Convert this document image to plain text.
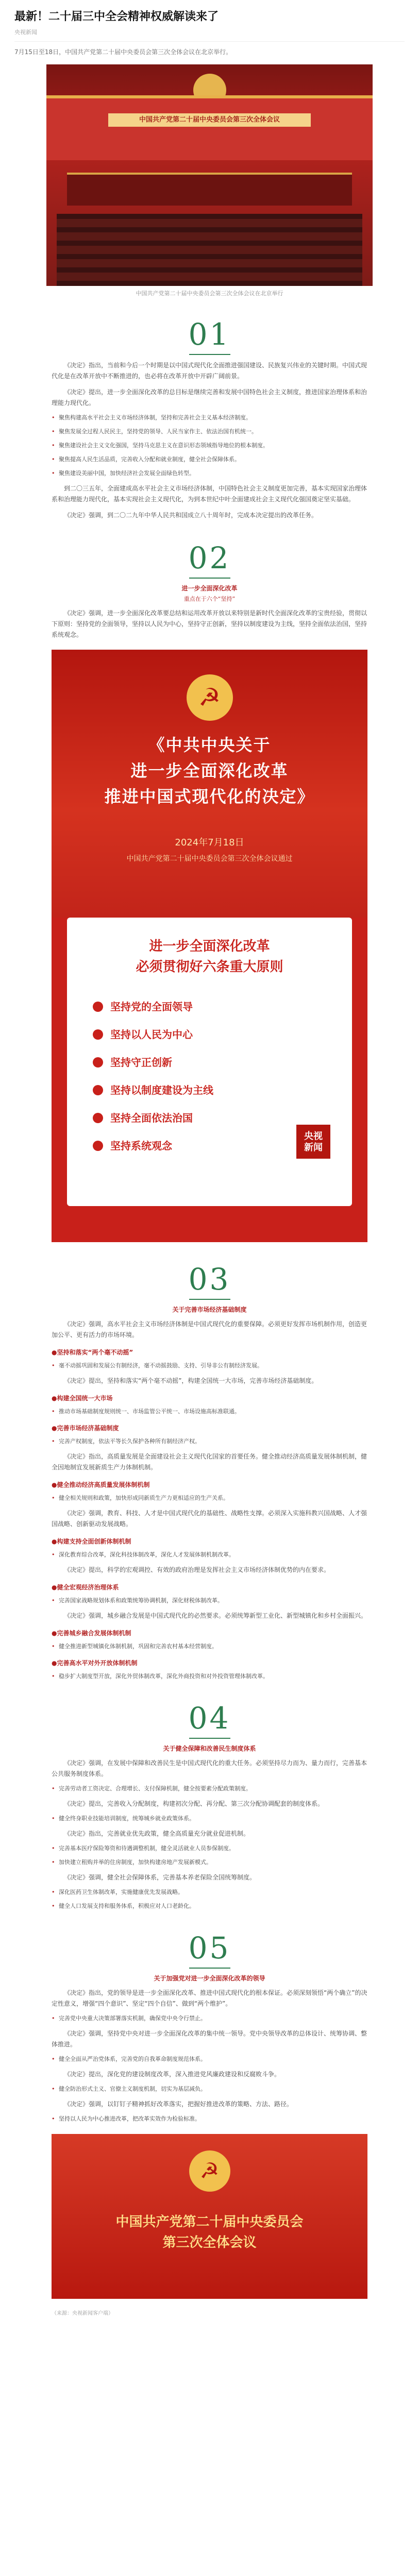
最新！二十届三中全会精神权威解读来了
央视新闻

7月15日至18日，中国共产党第二十届中央委员会第三次全体会议在北京举行。

中国共产党第二十届中央委员会第三次全体会议
中国共产党第二十届中央委员会第三次全体会议在北京举行
01

《决定》指出，当前和今后一个时期是以中国式现代化全面推进强国建设、民族复兴伟业的关键时期。中国式现代化是在改革开放中不断推进的，也必将在改革开放中开辟广阔前景。

《决定》提出，进一步全面深化改革的总目标是继续完善和发展中国特色社会主义制度，推进国家治理体系和治理能力现代化。

• 聚焦构建高水平社会主义市场经济体制，坚持和完善社会主义基本经济制度。

• 聚焦发展全过程人民民主，坚持党的领导、人民当家作主、依法治国有机统一。

• 聚焦建设社会主义文化强国，坚持马克思主义在意识形态领域指导地位的根本制度。

• 聚焦提高人民生活品质，完善收入分配和就业制度，健全社会保障体系。

• 聚焦建设美丽中国，加快经济社会发展全面绿色转型。

到二〇三五年，全面建成高水平社会主义市场经济体制，中国特色社会主义制度更加完善，基本实现国家治理体系和治理能力现代化，基本实现社会主义现代化，为到本世纪中叶全面建成社会主义现代化强国奠定坚实基础。

《决定》强调，到二〇二九年中华人民共和国成立八十周年时，完成本决定提出的改革任务。

02
进一步全面深化改革
重点在于六个“坚持”

《决定》强调，进一步全面深化改革要总结和运用改革开放以来特别是新时代全面深化改革的宝贵经验，贯彻以下原则：坚持党的全面领导，坚持以人民为中心，坚持守正创新，坚持以制度建设为主线，坚持全面依法治国，坚持系统观念。

☭
《中共中央关于
进一步全面深化改革
推进中国式现代化的决定》
2024年7月18日
中国共产党第二十届中央委员会第三次全体会议通过
进一步全面深化改革
必须贯彻好六条重大原则
坚持党的全面领导
坚持以人民为中心
坚持守正创新
坚持以制度建设为主线
坚持全面依法治国
坚持系统观念
央视
新闻
03
关于完善市场经济基础制度

《决定》强调，高水平社会主义市场经济体制是中国式现代化的重要保障。必须更好发挥市场机制作用，创造更加公平、更有活力的市场环境。

●坚持和落实“两个毫不动摇”

• 毫不动摇巩固和发展公有制经济，毫不动摇鼓励、支持、引导非公有制经济发展。

《决定》提出，坚持和落实“两个毫不动摇”，构建全国统一大市场，完善市场经济基础制度。

●构建全国统一大市场

• 推动市场基础制度规则统一、市场监管公平统一、市场设施高标准联通。

●完善市场经济基础制度

• 完善产权制度，依法平等长久保护各种所有制经济产权。

《决定》指出，高质量发展是全面建设社会主义现代化国家的首要任务。健全推动经济高质量发展体制机制，健全因地制宜发展新质生产力体制机制。

●健全推动经济高质量发展体制机制

• 健全相关规则和政策，加快形成同新质生产力更相适应的生产关系。

《决定》强调，教育、科技、人才是中国式现代化的基础性、战略性支撑。必须深入实施科教兴国战略、人才强国战略、创新驱动发展战略。

●构建支持全面创新体制机制

• 深化教育综合改革，深化科技体制改革，深化人才发展体制机制改革。

《决定》提出，科学的宏观调控、有效的政府治理是发挥社会主义市场经济体制优势的内在要求。

●健全宏观经济治理体系

• 完善国家战略规划体系和政策统筹协调机制，深化财税体制改革。

《决定》强调，城乡融合发展是中国式现代化的必然要求。必须统筹新型工业化、新型城镇化和乡村全面振兴。

●完善城乡融合发展体制机制

• 健全推进新型城镇化体制机制，巩固和完善农村基本经营制度。

●完善高水平对外开放体制机制

• 稳步扩大制度型开放，深化外贸体制改革，深化外商投资和对外投资管理体制改革。

04
关于健全保障和改善民生制度体系

《决定》强调，在发展中保障和改善民生是中国式现代化的重大任务。必须坚持尽力而为、量力而行，完善基本公共服务制度体系。

• 完善劳动者工资决定、合理增长、支付保障机制，健全按要素分配政策制度。

《决定》提出，完善收入分配制度，构建初次分配、再分配、第三次分配协调配套的制度体系。

• 健全终身职业技能培训制度，统筹城乡就业政策体系。

《决定》指出，完善就业优先政策，健全高质量充分就业促进机制。

• 完善基本医疗保险筹资和待遇调整机制，健全灵活就业人员参保制度。

• 加快建立租购并举的住房制度，加快构建房地产发展新模式。

《决定》强调，健全社会保障体系，完善基本养老保险全国统筹制度。

• 深化医药卫生体制改革，实施健康优先发展战略。

• 健全人口发展支持和服务体系，积极应对人口老龄化。

05
关于加强党对进一步全面深化改革的领导

《决定》指出，党的领导是进一步全面深化改革、推进中国式现代化的根本保证。必须深刻领悟“两个确立”的决定性意义，增强“四个意识”、坚定“四个自信”、做到“两个维护”。

• 完善党中央重大决策部署落实机制，确保党中央令行禁止。

《决定》强调，坚持党中央对进一步全面深化改革的集中统一领导。党中央领导改革的总体设计、统筹协调、整体推进。

• 健全全面从严治党体系，完善党的自我革命制度规范体系。

《决定》提出，深化党的建设制度改革，深入推进党风廉政建设和反腐败斗争。

• 健全防治形式主义、官僚主义制度机制，切实为基层减负。

《决定》强调，以钉钉子精神抓好改革落实，把握好推进改革的策略、方法、路径。

• 坚持以人民为中心推进改革，把改革实效作为检验标准。

☭
中国共产党第二十届中央委员会
第三次全体会议
（来源：央视新闻客户端）
